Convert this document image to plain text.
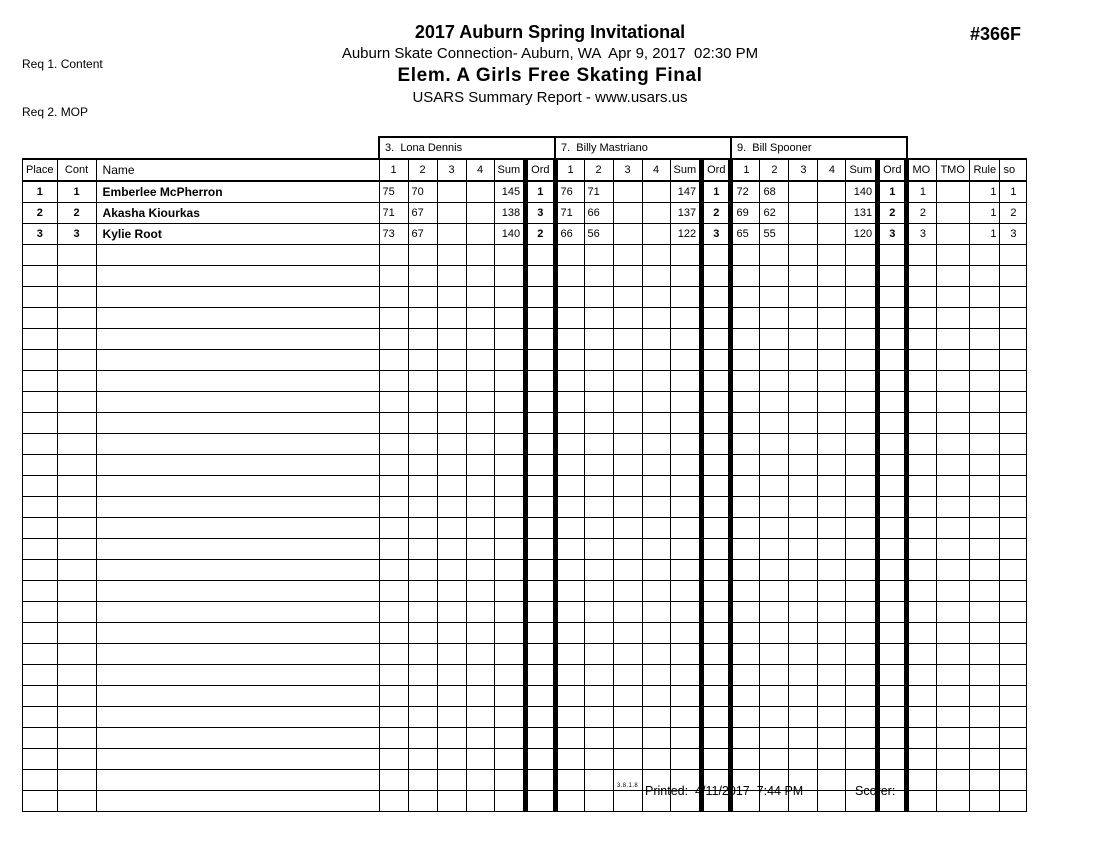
Req 1. Content

Req 2. MOP

2017 Auburn Spring Invitational
Auburn Skate Connection- Auburn, WA  Apr 9, 2017  02:30 PM
Elem. A Girls Free Skating Final
USARS Summary Report - www.usars.us
#366F
			3.  Lona Dennis						7.  Billy Mastriano						9.  Bill Spooner									
Place	Cont	Name	1	2	3	4	Sum	Ord	1	2	3	4	Sum	Ord	1	2	3	4	Sum	Ord	MO	TMO	Rule	so
1	1	Emberlee McPherron	75	70			145	1	76	71			147	1	72	68			140	1	1		1	1
2	2	Akasha Kiourkas	71	67			138	3	71	66			137	2	69	62			131	2	2		1	2
3	3	Kylie Root	73	67			140	2	66	56			122	3	65	55			120	3	3		1	3

3.8.1.8 Printed:  4/11/2017  7:44 PM	Scorer:
